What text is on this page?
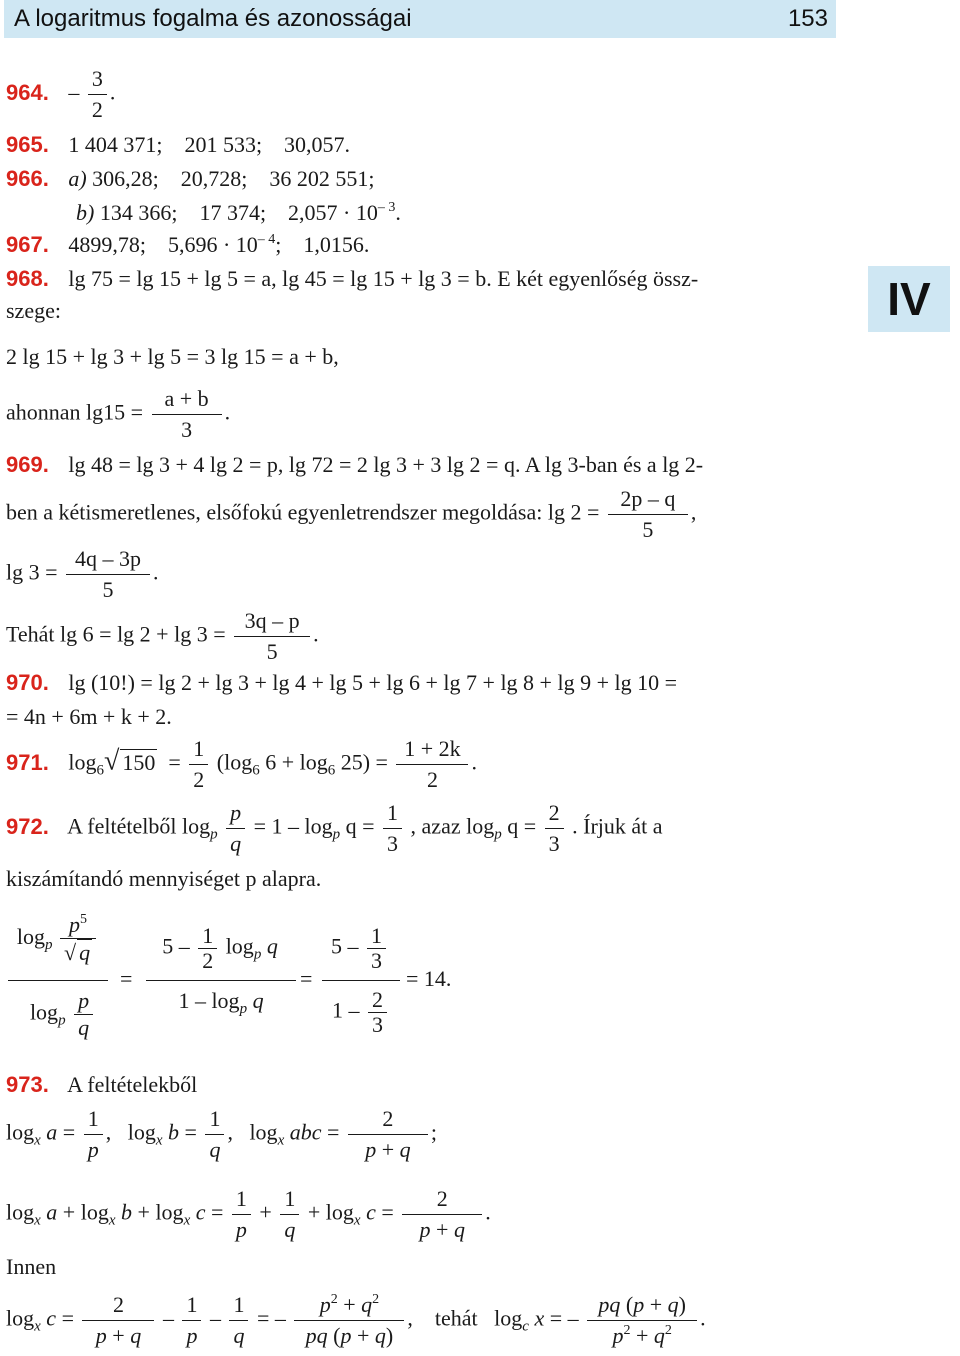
A logaritmus fogalma és azonosságai	153
IV
964. – $\frac{3}{2}$ .
965. 1 404 371;    201 533;    30,057.
966. a) 306,28;    20,728;    36 202 551;
b) 134 366;    17 374;    $2,057 \cdot 10^{- 3}$.
967. 4899,78;    $5,696 \cdot 10^{- 4}$;    1,0156.
968. lg 75 = lg 15 + lg 5 = a, lg 45 = lg 15 + lg 3 = b. E két egyenlőség össz-
szege:
2 lg 15 + lg 3 + lg 5 = 3 lg 15 = a + b,
ahonnan $\lg 15 = \frac{a + b}{3}$ .
969. lg 48 = lg 3 + 4 lg 2 = p, lg 72 = 2 lg 3 + 3 lg 2 = q. A lg 3-ban és a lg 2-
ben a kétismeretlenes, elsőfokú egyenletrendszer megoldása: $\lg 2 = \frac{2p - q}{5}$ ,
$\lg 3 = \frac{4q - 3p}{5}$ .
Tehát $\lg 6 = \lg 2 + \lg 3 = \frac{3q - p}{5}$ .
970. lg (10!) = lg 2 + lg 3 + lg 4 + lg 5 + lg 6 + lg 7 + lg 8 + lg 9 + lg 10 =
= 4n + 6m + k + 2.
971. $\log_6√$ $150 = \frac{1}{2} (\log_6$ $6 + \log_6 25) = \frac{1 + 2k}{2}$ .
972. A feltételből $\log_p \frac{p}{q} = 1 - \log_p q = \frac{1}{3}$ , azaz $\log_p q = \frac{2}{3}$ . Írjuk át a
kiszámítandó mennyiséget p alapra.
$\log_p \frac{p^5}{√ q}$
$\log_p \frac{p}{q}$
=
$5 - \frac{1}{2} \log_p q$
$1 - \log_p q$
=
$5 - \frac{1}{3}$
$1 - \frac{2}{3}$
= 14.
973. A feltételekből
$\log_x a = \frac{1}{p}$ ,   $\log_x b = \frac{1}{q}$ ,   $\log_x$ abc = $\frac{2}{p + q}$ ;
$\log_x a + \log_x b + \log_x c = \frac{1}{p} + \frac{1}{q} + \log_x c = \frac{2}{p + q}$ .
Innen
$\log_x c = \frac{2}{p + q} - \frac{1}{p} - \frac{1}{q}$ = – $\frac{p^2 + q^2}{pq (p + q)}$ ,    tehát $\log_c x$ = – $\frac{pq (p + q)}{p^2 + q^2}$ .
